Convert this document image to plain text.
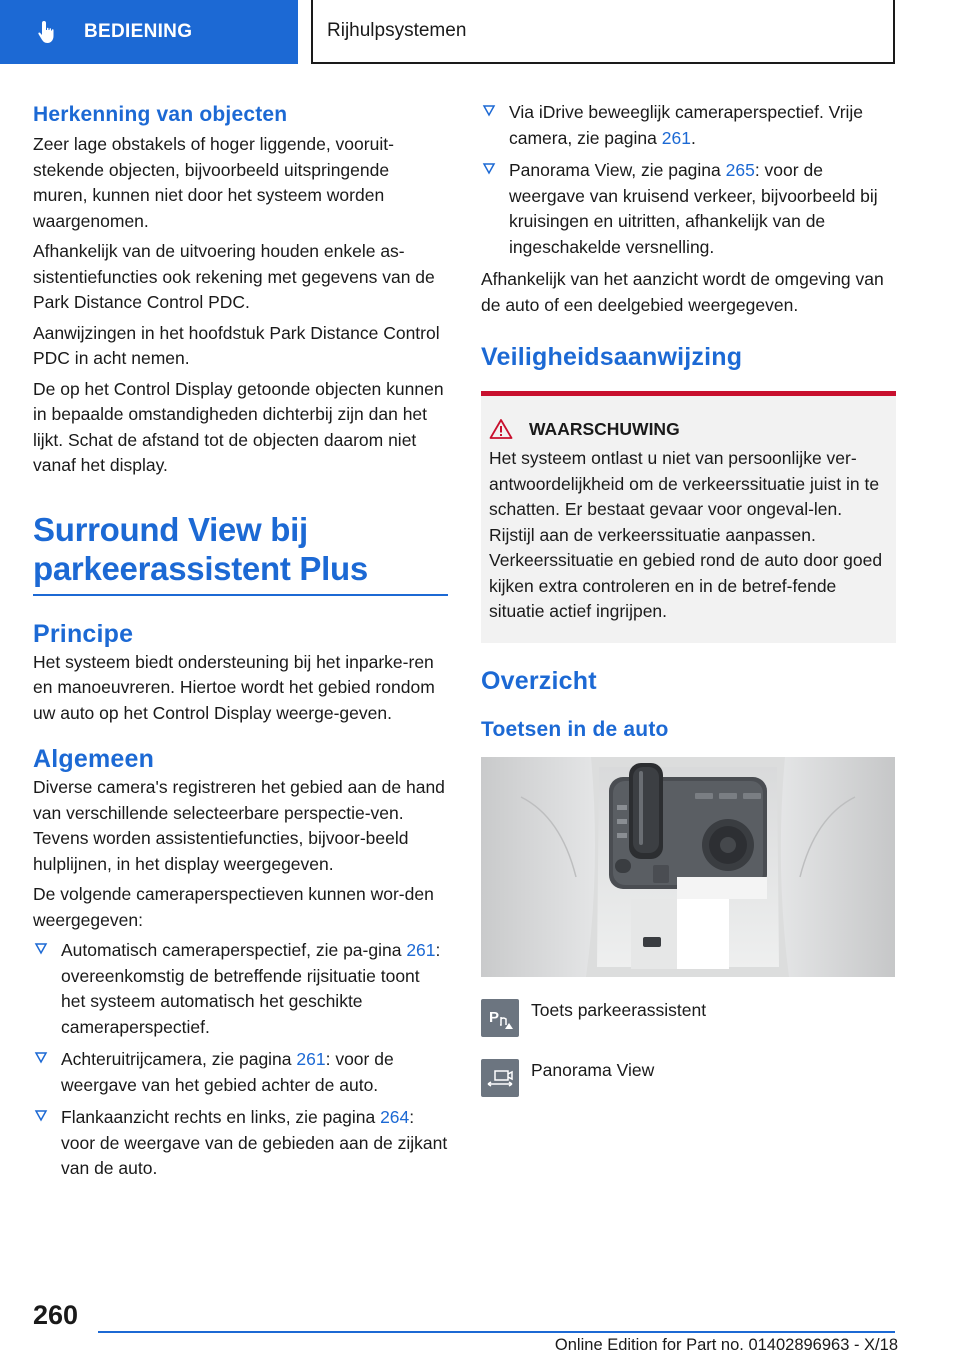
BEDIENING	Rijhulpsystemen
Herkenning van objecten

Zeer lage obstakels of hoger liggende, vooruit-stekende objecten, bijvoorbeeld uitspringende muren, kunnen niet door het systeem worden waargenomen.

Afhankelijk van de uitvoering houden enkele as-sistentiefuncties ook rekening met gegevens van de Park Distance Control PDC.

Aanwijzingen in het hoofdstuk Park Distance Control PDC in acht nemen.

De op het Control Display getoonde objecten kunnen in bepaalde omstandigheden dichterbij zijn dan het lijkt. Schat de afstand tot de objecten daarom niet vanaf het display.

Surround View bij parkeerassistent Plus
Principe

Het systeem biedt ondersteuning bij het inparke-ren en manoeuvreren. Hiertoe wordt het gebied rondom uw auto op het Control Display weerge-geven.

Algemeen

Diverse camera's registreren het gebied aan de hand van verschillende selecteerbare perspectie-ven. Tevens worden assistentiefuncties, bijvoor-beeld hulplijnen, in het display weergegeven.

De volgende cameraperspectieven kunnen wor-den weergegeven:

Automatisch cameraperspectief, zie pa-gina 261: overeenkomstig de betreffende rijsituatie toont het systeem automatisch het geschikte cameraperspectief.
Achteruitrijcamera, zie pagina 261: voor de weergave van het gebied achter de auto.
Flankaanzicht rechts en links, zie pagina 264: voor de weergave van de gebieden aan de zijkant van de auto.
Via iDrive beweeglijk cameraperspectief. Vrije camera, zie pagina 261.
Panorama View, zie pagina 265: voor de weergave van kruisend verkeer, bijvoorbeeld bij kruisingen en uitritten, afhankelijk van de ingeschakelde versnelling.

Afhankelijk van het aanzicht wordt de omgeving van de auto of een deelgebied weergegeven.

Veiligheidsaanwijzing
WAARSCHUWING

Het systeem ontlast u niet van persoonlijke ver-antwoordelijkheid om de verkeerssituatie juist in te schatten. Er bestaat gevaar voor ongeval-len. Rijstijl aan de verkeerssituatie aanpassen. Verkeerssituatie en gebied rond de auto door goed kijken extra controleren en in de betref-fende situatie actief ingrijpen.

Overzicht
Toetsen in de auto
P Toets parkeerassistent
Panorama View
260
Online Edition for Part no. 01402896963 - X/18
